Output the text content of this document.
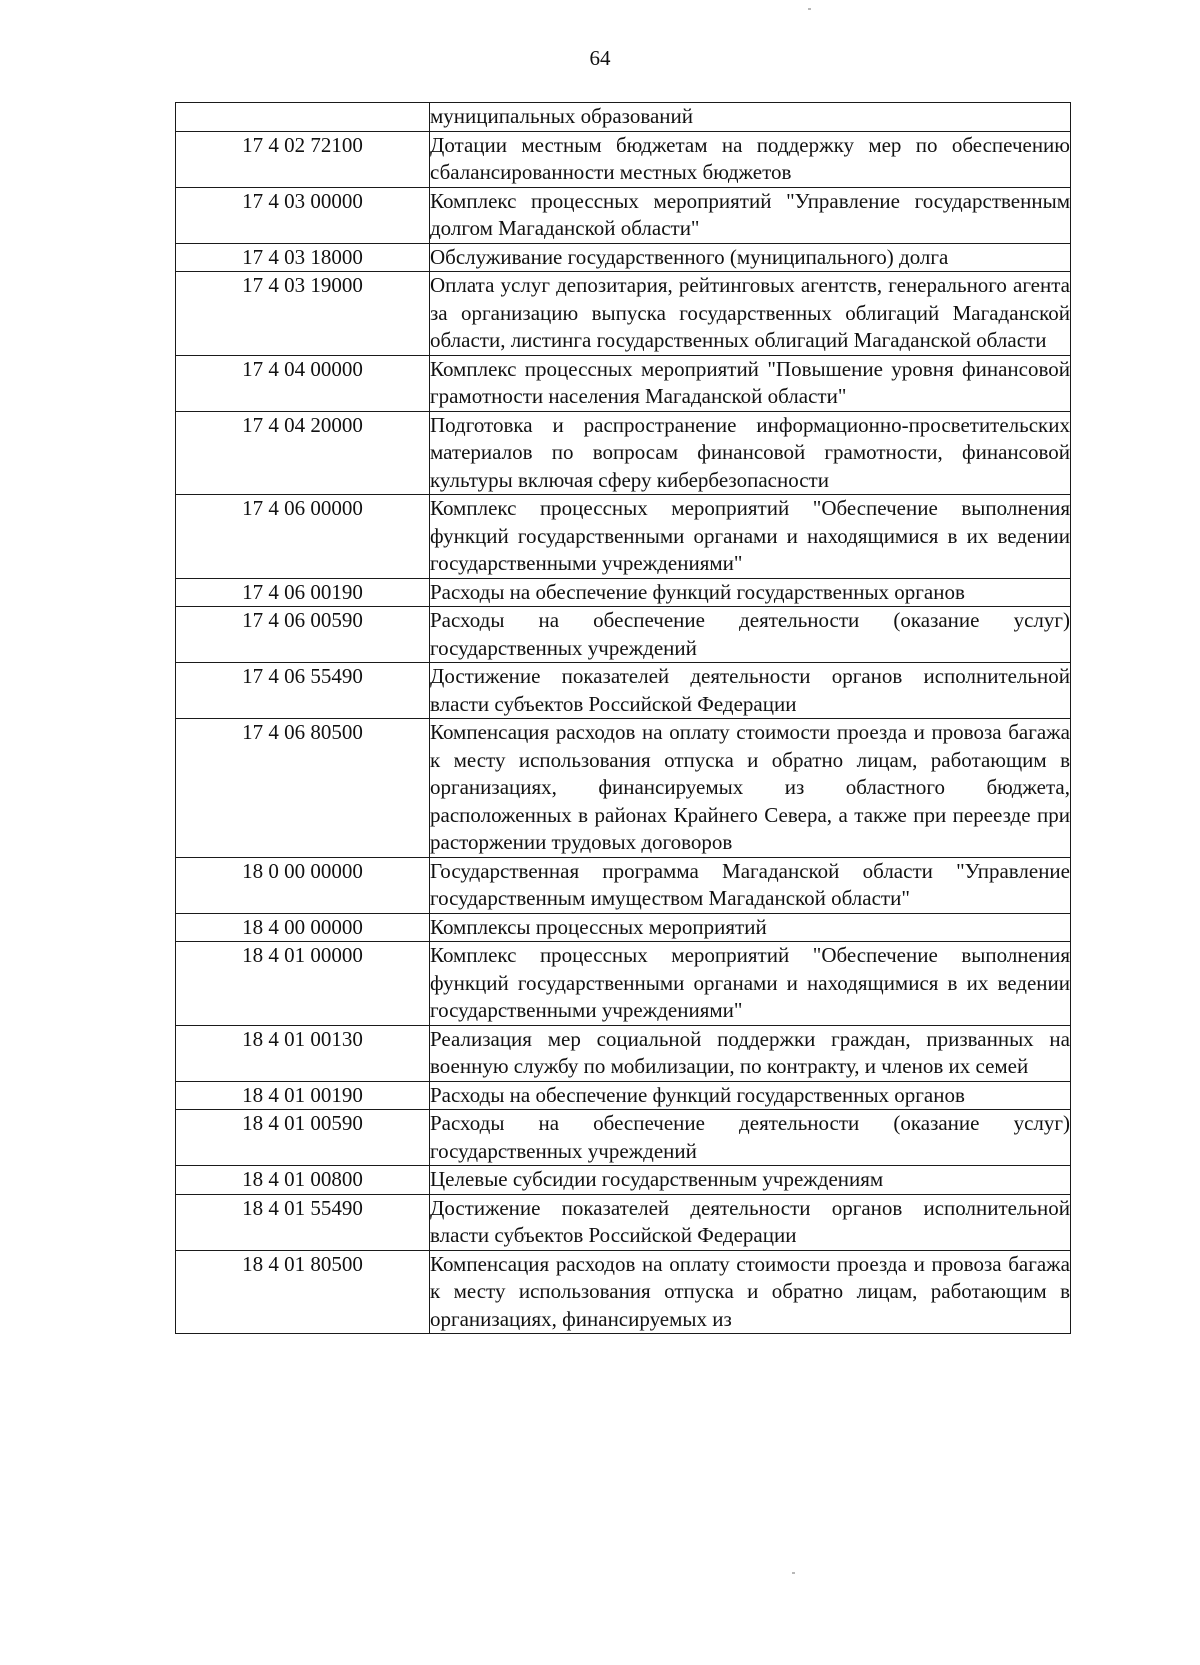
64
	муниципальных образований
17 4 02 72100	Дотации местным бюджетам на поддержку мер по обеспечению сбалансированности местных бюджетов
17 4 03 00000	Комплекс процессных мероприятий "Управление государственным долгом Магаданской области"
17 4 03 18000	Обслуживание государственного (муниципального) долга
17 4 03 19000	Оплата услуг депозитария, рейтинговых агентств, генерального агента за организацию выпуска государственных облигаций Магаданской области, листинга государственных облигаций Магаданской области
17 4 04 00000	Комплекс процессных мероприятий "Повышение уровня финансовой грамотности населения Магаданской области"
17 4 04 20000	Подготовка и распространение информационно-просветительских материалов по вопросам финансовой грамотности, финансовой культуры включая сферу кибербезопасности
17 4 06 00000	Комплекс процессных мероприятий "Обеспечение выполнения функций государственными органами и находящимися в их ведении государственными учреждениями"
17 4 06 00190	Расходы на обеспечение функций государственных органов
17 4 06 00590	Расходы на обеспечение деятельности (оказание услуг) государственных учреждений
17 4 06 55490	Достижение показателей деятельности органов исполнительной власти субъектов Российской Федерации
17 4 06 80500	Компенсация расходов на оплату стоимости проезда и провоза багажа к месту использования отпуска и обратно лицам, работающим в организациях, финансируемых из областного бюджета, расположенных в районах Крайнего Севера, а также при переезде при расторжении трудовых договоров
18 0 00 00000	Государственная программа Магаданской области "Управление государственным имуществом Магаданской области"
18 4 00 00000	Комплексы процессных мероприятий
18 4 01 00000	Комплекс процессных мероприятий "Обеспечение выполнения функций государственными органами и находящимися в их ведении государственными учреждениями"
18 4 01 00130	Реализация мер социальной поддержки граждан, призванных на военную службу по мобилизации, по контракту, и членов их семей
18 4 01 00190	Расходы на обеспечение функций государственных органов
18 4 01 00590	Расходы на обеспечение деятельности (оказание услуг) государственных учреждений
18 4 01 00800	Целевые субсидии государственным учреждениям
18 4 01 55490	Достижение показателей деятельности органов исполнительной власти субъектов Российской Федерации
18 4 01 80500	Компенсация расходов на оплату стоимости проезда и провоза багажа к месту использования отпуска и обратно лицам, работающим в организациях, финансируемых из
